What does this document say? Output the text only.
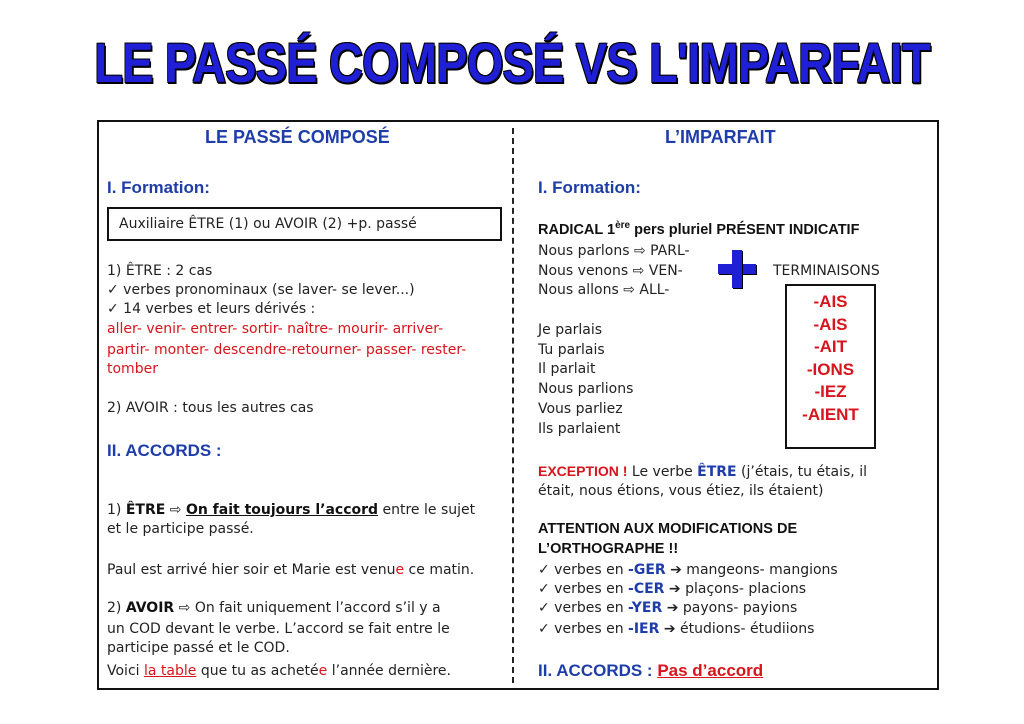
LE PASSÉ COMPOSÉ VS L'IMPARFAIT
LE PASSÉ COMPOSÉ
I. Formation:
Auxiliaire ÊTRE (1) ou AVOIR (2) +p. passé
1) ÊTRE : 2 cas
✓ verbes pronominaux (se laver- se lever...)
✓ 14 verbes et leurs dérivés :
aller- venir- entrer- sortir- naître- mourir- arriver-
partir- monter- descendre-retourner- passer- rester-
tomber
2) AVOIR : tous les autres cas
II. ACCORDS :
1) ÊTRE ⇨ On fait toujours l’accord entre le sujet
et le participe passé.
Paul est arrivé hier soir et Marie est venue ce matin.
2) AVOIR ⇨ On fait uniquement l’accord s’il y a
un COD devant le verbe. L’accord se fait entre le
participe passé et le COD.
Voici la table que tu as achetée l’année dernière.
L’IMPARFAIT
I. Formation:
RADICAL 1ère pers pluriel PRÉSENT INDICATIF
Nous parlons ⇨ PARL-
Nous venons ⇨ VEN-
Nous allons ⇨ ALL-
TERMINAISONS
-AIS
-AIS
-AIT
-IONS
-IEZ
-AIENT
Je parlais
Tu parlais
Il parlait
Nous parlions
Vous parliez
Ils parlaient
EXCEPTION ! Le verbe ÊTRE (j’étais, tu étais, il
était, nous étions, vous étiez, ils étaient)
ATTENTION AUX MODIFICATIONS DE
L’ORTHOGRAPHE !!
✓ verbes en -GER ➔ mangeons- mangions
✓ verbes en -CER ➔ plaçons- placions
✓ verbes en -YER ➔ payons- payions
✓ verbes en -IER ➔ étudions- étudiions
II. ACCORDS : Pas d’accord
